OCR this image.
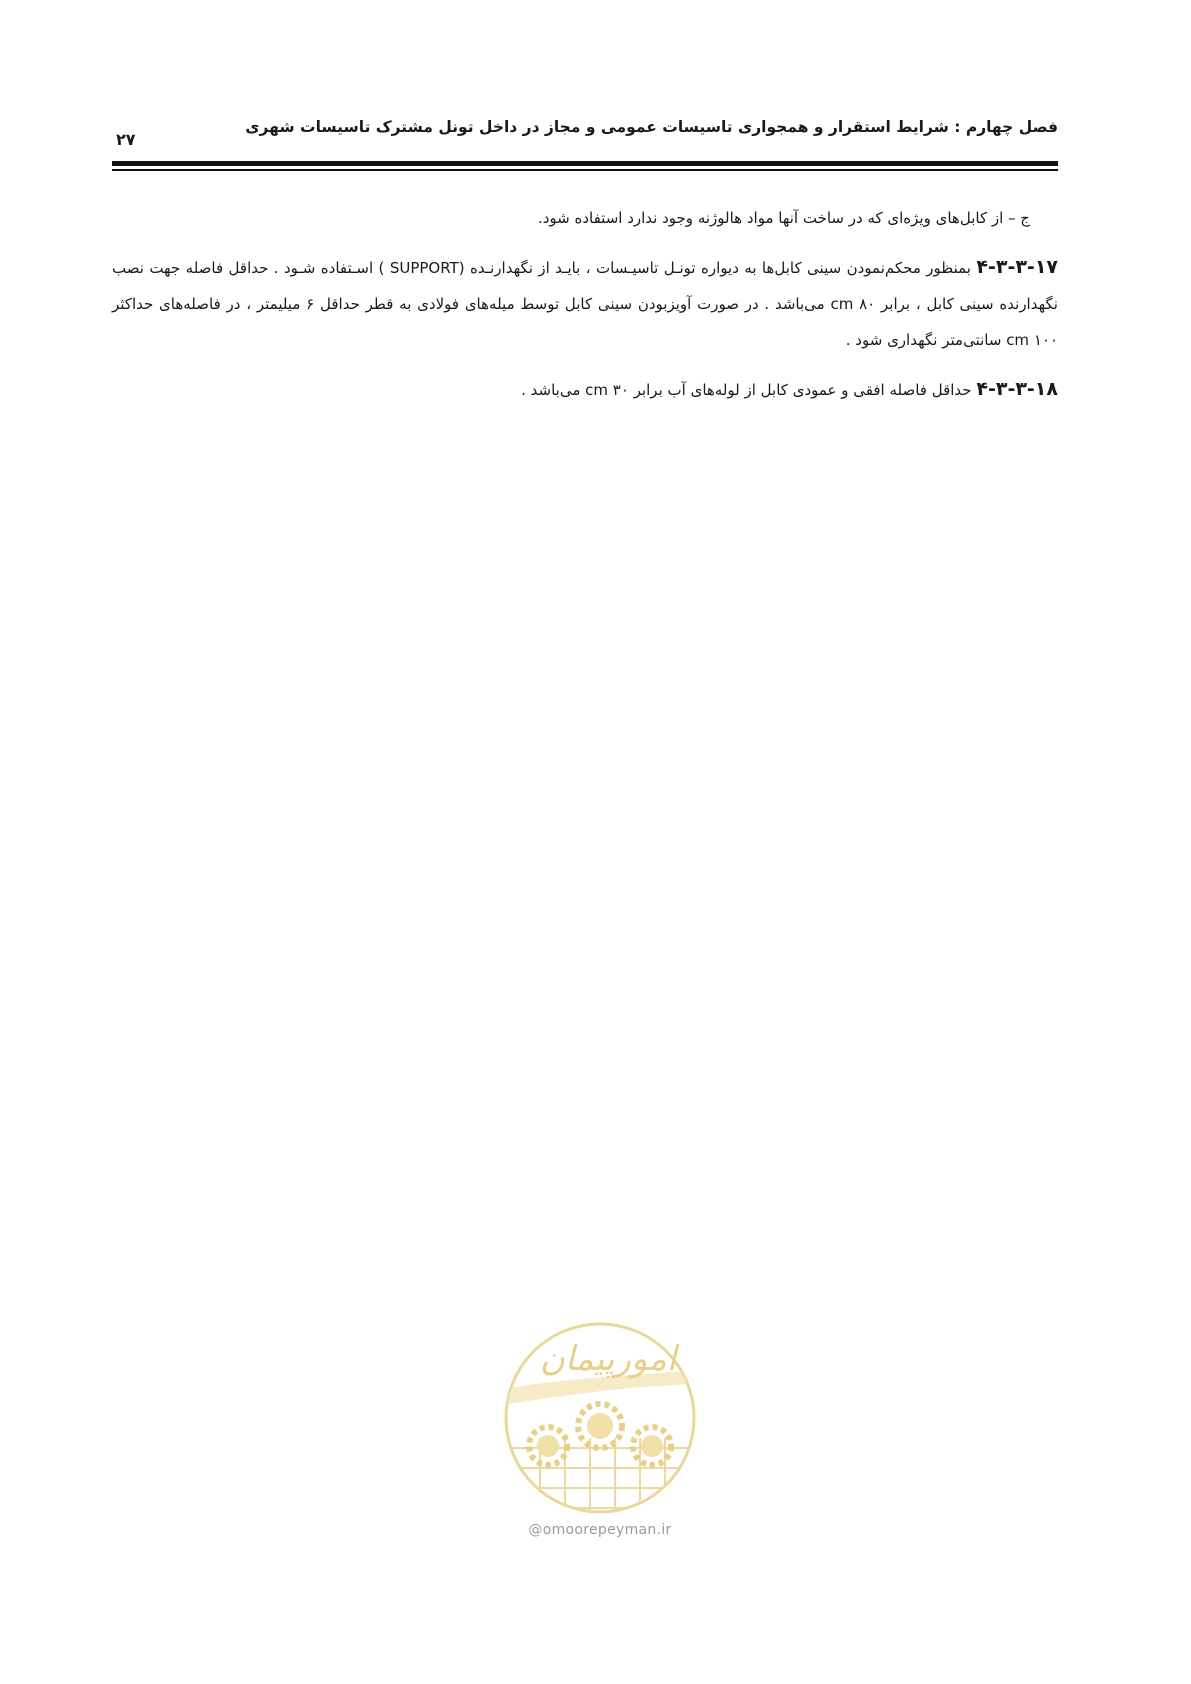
فصل چهارم : شرایط استقرار و همجواری تاسیسات عمومی و مجاز در داخل تونل مشترک تاسیسات شهری
۲۷

ج – از کابل‌های ویژه‌ای که در ساخت آنها مواد هالوژنه وجود ندارد استفاده شود.

۴-۳-۳-۱۷ بمنظور محکم‌نمودن سینی کابل‌ها به دیواره تونـل تاسیـسات ، بایـد از نگهدارنـده (SUPPORT ) اسـتفاده شـود . حداقل فاصله جهت نصب نگهدارنده سینی کابل ، برابر ۸۰ cm می‌باشد . در صورت آویزبودن سینی کابل توسط میله‌های فولادی به قطر حداقل ۶ میلیمتر ، در فاصله‌های حداکثر ۱۰۰ cm سانتی‌متر نگهداری شود .

۴-۳-۳-۱۸ حداقل فاصله افقی و عمودی کابل از لوله‌های آب برابر ۳۰ cm می‌باشد .

امورپیمان
@omoorepeyman.ir
